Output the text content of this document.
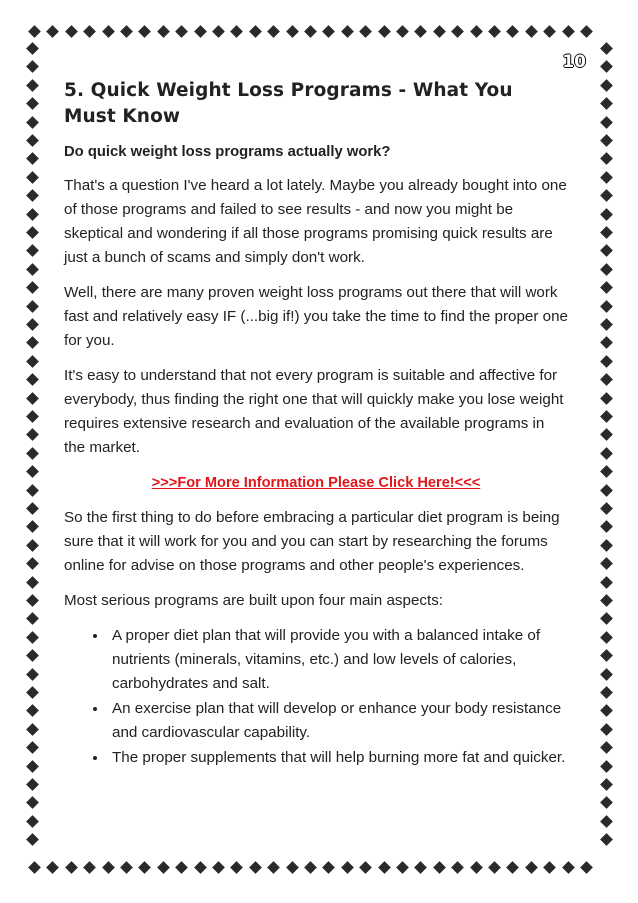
10
5. Quick Weight Loss Programs - What You Must Know

Do quick weight loss programs actually work?

That's a question I've heard a lot lately. Maybe you already bought into one of those programs and failed to see results - and now you might be skeptical and wondering if all those programs promising quick results are just a bunch of scams and simply don't work.

Well, there are many proven weight loss programs out there that will work fast and relatively easy IF (...big if!) you take the time to find the proper one for you.

It's easy to understand that not every program is suitable and affective for everybody, thus finding the right one that will quickly make you lose weight requires extensive research and evaluation of the available programs in the market.

>>>For More Information Please Click Here!<<<

So the first thing to do before embracing a particular diet program is being sure that it will work for you and you can start by researching the forums online for advise on those programs and other people's experiences.

Most serious programs are built upon four main aspects:

• A proper diet plan that will provide you with a balanced intake of nutrients (minerals, vitamins, etc.) and low levels of calories, carbohydrates and salt.
• An exercise plan that will develop or enhance your body resistance and cardiovascular capability.
• The proper supplements that will help burning more fat and quicker.
